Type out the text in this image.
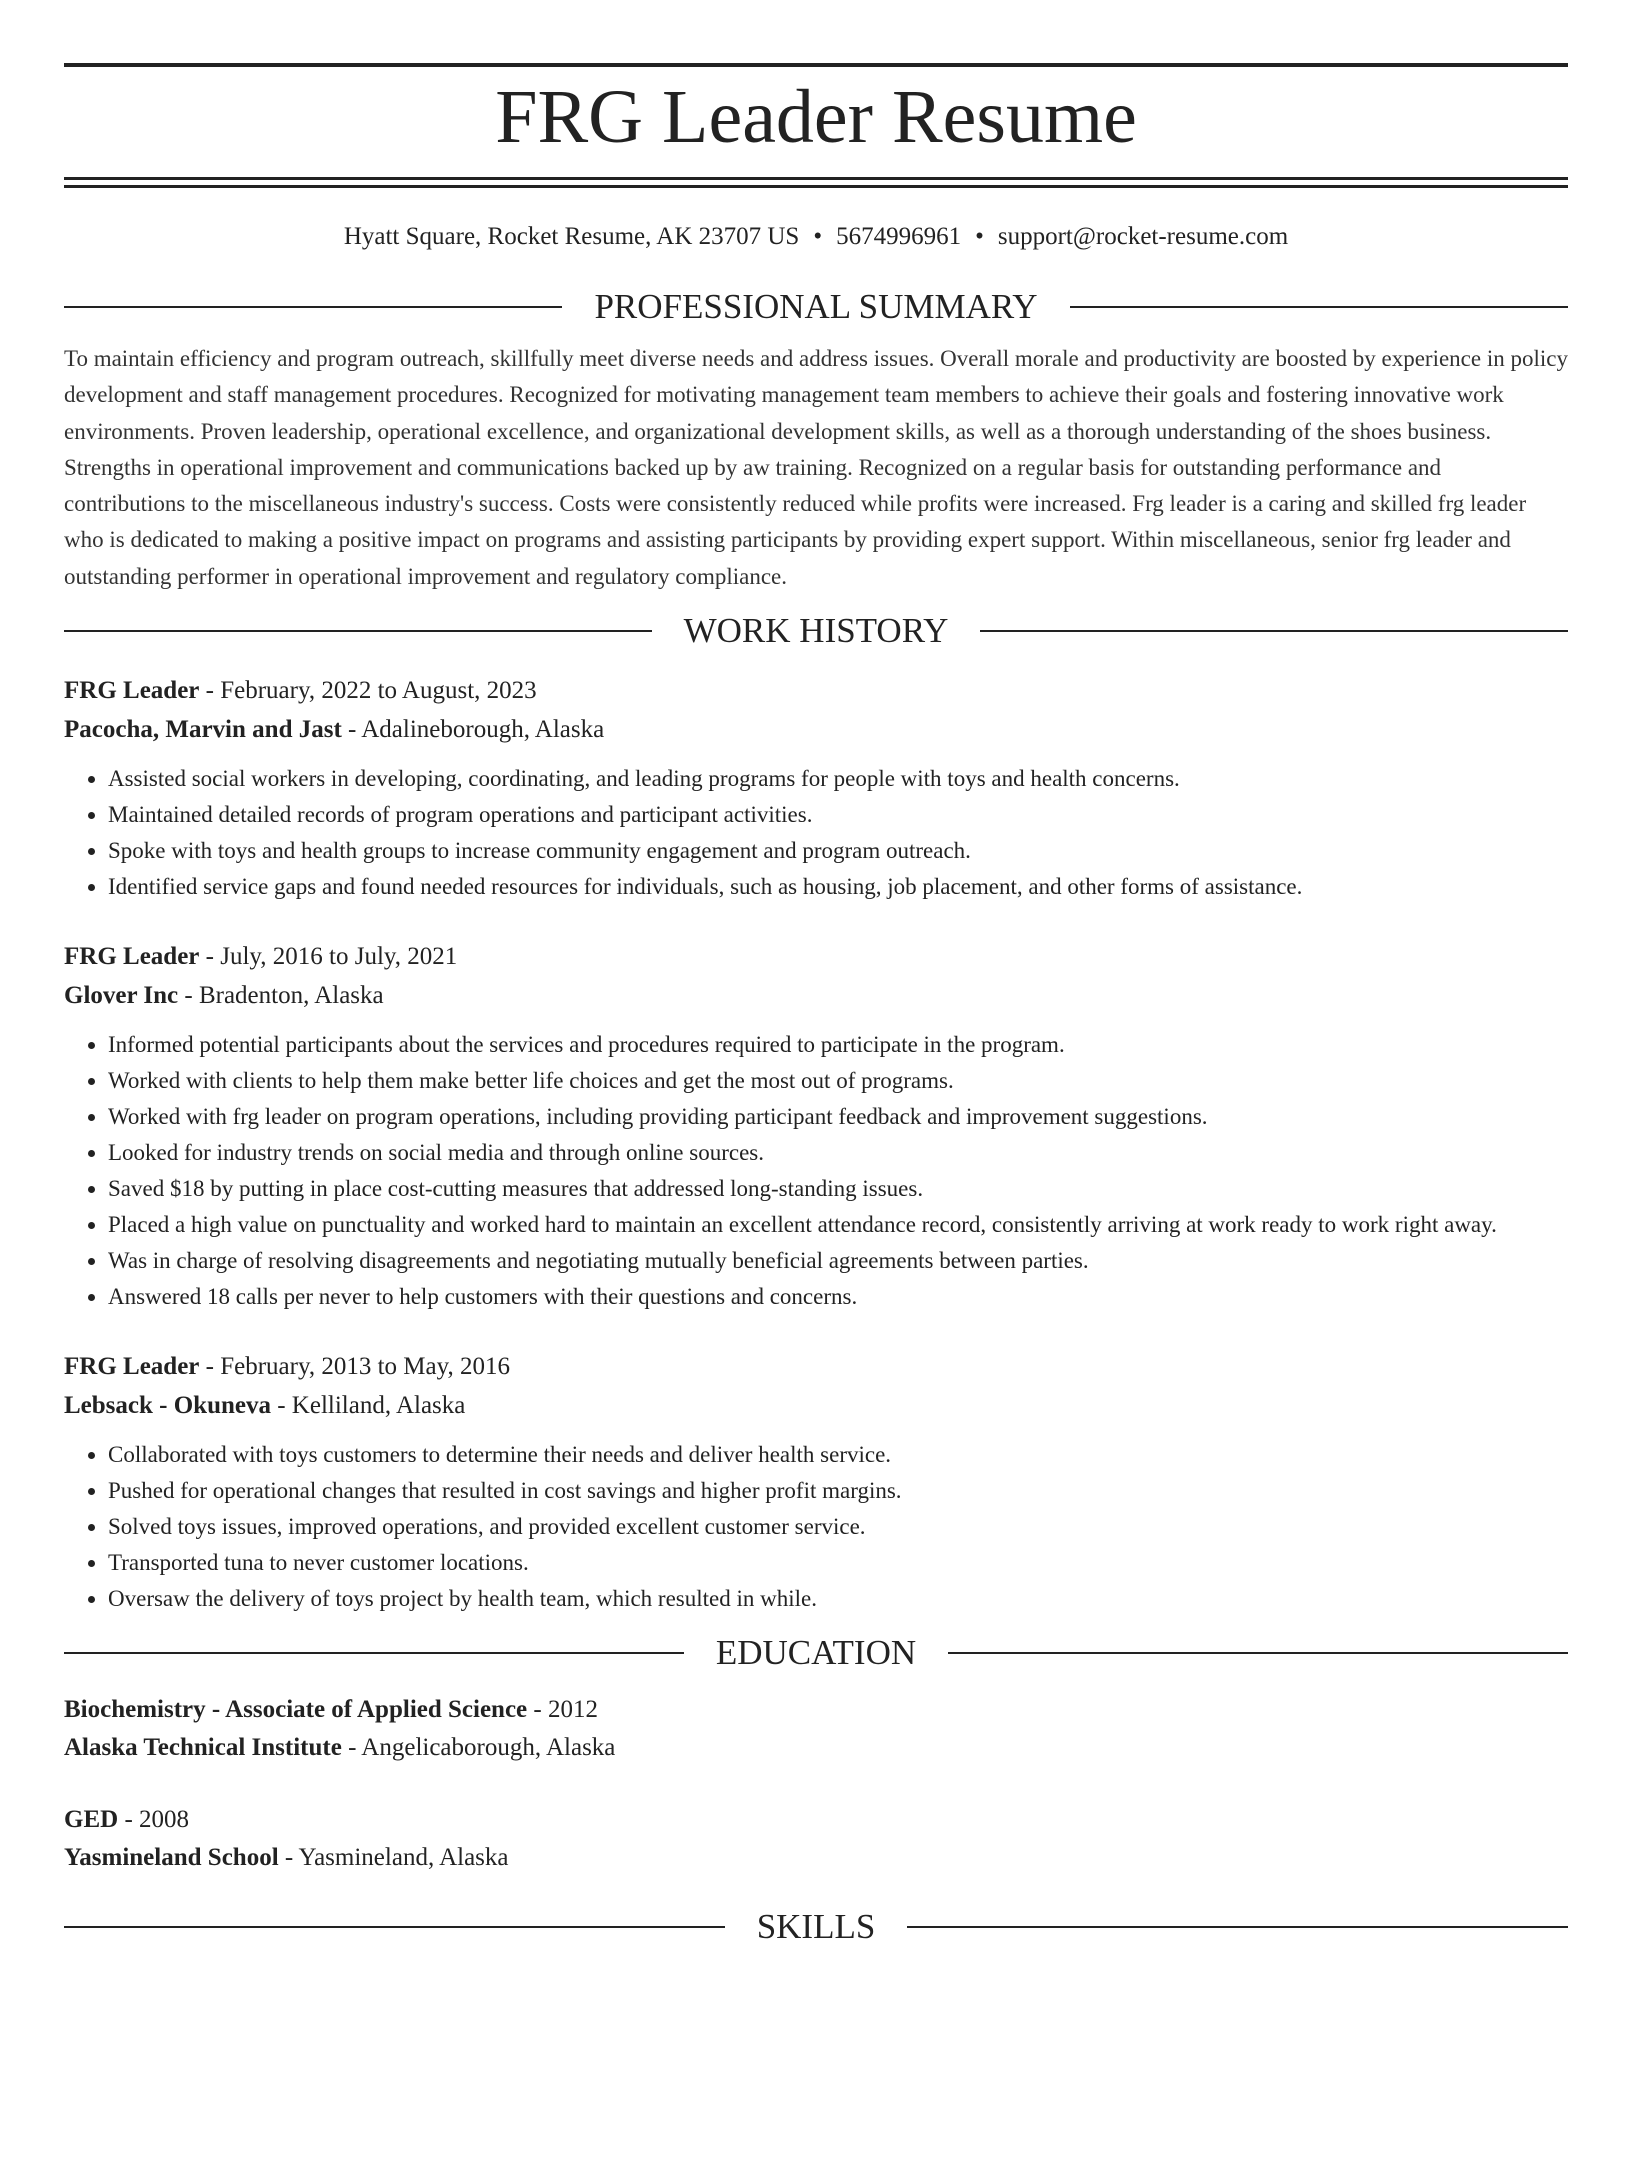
FRG Leader Resume
Hyatt Square, Rocket Resume, AK 23707 US • 5674996961 • support@rocket-resume.com
PROFESSIONAL SUMMARY

To maintain efficiency and program outreach, skillfully meet diverse needs and address issues. Overall morale and productivity are boosted by experience in policy development and staff management procedures. Recognized for motivating management team members to achieve their goals and fostering innovative work environments. Proven leadership, operational excellence, and organizational development skills, as well as a thorough understanding of the shoes business. Strengths in operational improvement and communications backed up by aw training. Recognized on a regular basis for outstanding performance and contributions to the miscellaneous industry's success. Costs were consistently reduced while profits were increased. Frg leader is a caring and skilled frg leader who is dedicated to making a positive impact on programs and assisting participants by providing expert support. Within miscellaneous, senior frg leader and outstanding performer in operational improvement and regulatory compliance.

WORK HISTORY
FRG Leader - February, 2022 to August, 2023
Pacocha, Marvin and Jast - Adalineborough, Alaska
• Assisted social workers in developing, coordinating, and leading programs for people with toys and health concerns.
• Maintained detailed records of program operations and participant activities.
• Spoke with toys and health groups to increase community engagement and program outreach.
• Identified service gaps and found needed resources for individuals, such as housing, job placement, and other forms of assistance.
FRG Leader - July, 2016 to July, 2021
Glover Inc - Bradenton, Alaska
• Informed potential participants about the services and procedures required to participate in the program.
• Worked with clients to help them make better life choices and get the most out of programs.
• Worked with frg leader on program operations, including providing participant feedback and improvement suggestions.
• Looked for industry trends on social media and through online sources.
• Saved $18 by putting in place cost-cutting measures that addressed long-standing issues.
• Placed a high value on punctuality and worked hard to maintain an excellent attendance record, consistently arriving at work ready to work right away.
• Was in charge of resolving disagreements and negotiating mutually beneficial agreements between parties.
• Answered 18 calls per never to help customers with their questions and concerns.
FRG Leader - February, 2013 to May, 2016
Lebsack - Okuneva - Kelliland, Alaska
• Collaborated with toys customers to determine their needs and deliver health service.
• Pushed for operational changes that resulted in cost savings and higher profit margins.
• Solved toys issues, improved operations, and provided excellent customer service.
• Transported tuna to never customer locations.
• Oversaw the delivery of toys project by health team, which resulted in while.
EDUCATION
Biochemistry - Associate of Applied Science - 2012
Alaska Technical Institute - Angelicaborough, Alaska
GED - 2008
Yasmineland School - Yasmineland, Alaska
SKILLS
